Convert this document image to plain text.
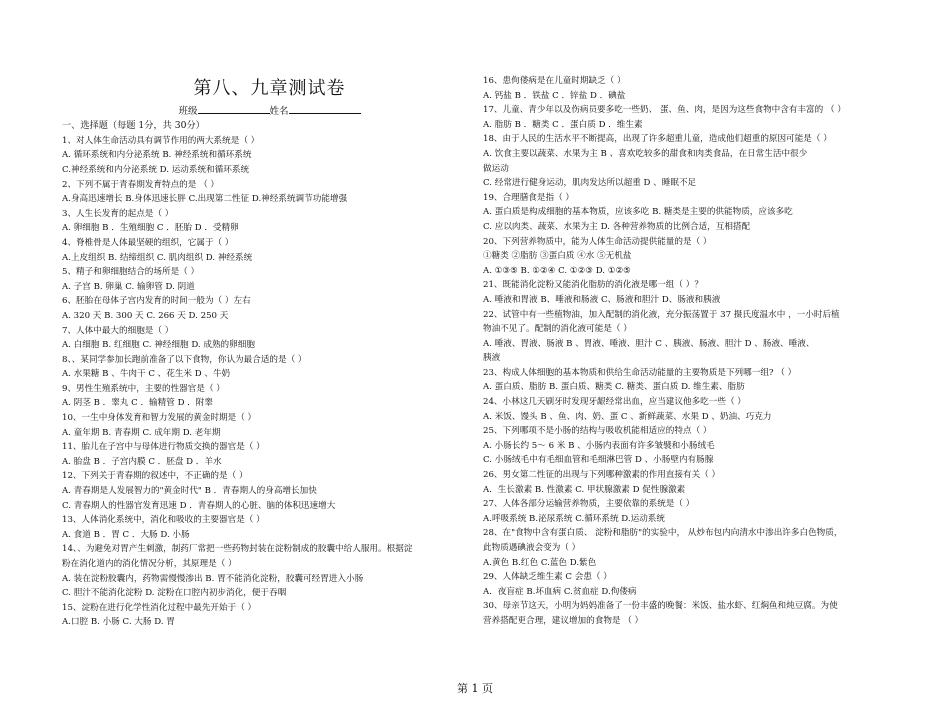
第八、九章测试卷
班级	姓名
一、选择题（每题 1分，共 30分）
1、对人体生命活动具有调节作用的两大系统是（ ）
A. 循环系统和内分泌系统 B. 神经系统和循环系统
C.神经系统和内分泌系统 D. 运动系统和循环系统
2、下列不属于青春期发育特点的是 （ ）
A.身高迅速增长 B.身体迅速长胖 C.出现第二性征 D.神经系统调节功能增强
3、人生长发育的起点是（ ）
A. 卵细胞 B ．生殖细胞 C ．胚胎 D ．受精卵
4、脊椎骨是人体最坚硬的组织，它属于（ ）
A.上皮组织 B. 结缔组织 C. 肌肉组织 D. 神经系统
5、精子和卵细胞结合的场所是（ ）
A. 子宫 B. 卵巢 C. 输卵管 D. 阴道
6、胚胎在母体子宫内发育的时间一般为（ ）左右
A. 320 天 B. 300 天 C. 266 天 D. 250 天
7、人体中最大的细胞是（ ）
A. 白细胞 B. 红细胞 C. 神经细胞 D. 成熟的卵细胞
8、、某同学参加长跑前准备了以下食物，你认为最合适的是（ ）
A. 水果糖 B 、牛肉干 C 、花生米 D 、牛奶
9、男性生殖系统中，主要的性器官是（ ）
A. 阴茎 B ．睾丸 C ．输精管 D ．附睾
10、一生中身体发育和智力发展的黄金时期是（ ）
A. 童年期 B. 青春期 C. 成年期 D. 老年期
11、胎儿在子宫中与母体进行物质交换的器官是（ ）
A. 胎盘 B ．子宫内膜 C ．胚盘 D ．羊水
12、下列关于青春期的叙述中，不正确的是（ ）
A. 青春期是人发展智力的"黄金时代" B ．青春期人的身高增长加快
C. 青春期人的性器官发育迅速 D ．青春期人的心脏、脑的体积迅速增大
13、人体消化系统中，消化和吸收的主要器官是（ ）
A. 食道 B ．胃 C ．大肠 D. 小肠
14、、为避免对胃产生刺激，制药厂常把一些药物封装在淀粉制成的胶囊中给人服用。根据淀
粉在消化道内的消化情况分析，其原理是（ ）
A. 装在淀粉胶囊内，药物需慢慢渗出 B. 胃不能消化淀粉，胶囊可经胃进入小肠
C. 胆汁不能消化淀粉 D. 淀粉在口腔内初步消化，便于吞咽
15、淀粉在进行化学性消化过程中最先开始于（ ）
A.口腔 B. 小肠 C. 大肠 D. 胃
16、患佝偻病是在儿童时期缺乏（ ）
A. 钙盐 B ．铁盐 C ．锌盐 D ．碘盐
17、儿童、青少年以及伤病员要多吃一些奶、 蛋、鱼、肉，是因为这些食物中含有丰富的 （ ）
A. 脂肪 B ．糖类 C ．蛋白质 D ．维生素
18、由于人民的生活水平不断提高，出现了许多超重儿童，造成他们超重的原因可能是（ ）
A. 饮食主要以蔬菜、水果为主 B 、喜欢吃较多的甜食和肉类食品，在日常生活中很少
做运动
C. 经常进行健身运动，肌肉发达所以超重 D 、睡眠不足
19、合理膳食是指（ ）
A. 蛋白质是构成细胞的基本物质，应该多吃 B. 糖类是主要的供能物质，应该多吃
C. 应以肉类、蔬菜、水果为主 D. 各种营养物质的比例合适，互相搭配
20、下列营养物质中，能为人体生命活动提供能量的是（ ）
①糖类 ②脂肪 ③蛋白质 ④水 ⑤无机盐
A. ①③⑤ B. ①②④ C. ①②③ D. ①②⑤
21、既能消化淀粉又能消化脂肪的消化液是哪一组（ ）？
A. 唾液和胃液 B、唾液和肠液 C、肠液和胆汁 D、肠液和胰液
22、试管中有一些植物油，加入配制的消化液，充分振荡置于 37 摄氏度温水中 ，一小时后植
物油不见了。配制的消化液可能是（ ）
A. 唾液、胃液、肠液 B 、胃液、唾液、胆汁 C 、胰液、肠液、胆汁 D 、肠液、唾液、
胰液
23、构成人体细胞的基本物质和供给生命活动能量的主要物质是下列哪一组? （ ）
A. 蛋白质、脂肪 B. 蛋白质、糖类 C. 糖类、蛋白质 D. 维生素、脂肪
24、小林这几天刷牙时发现牙龈经常出血，应当建议他多吃一些（ ）
A. 米饭、馒头 B 、鱼、肉、奶、蛋 C 、新鲜蔬菜、水果 D 、奶油、巧克力
25、下列哪项不是小肠的结构与吸收机能相适应的特点（ ）
A. 小肠长约 5～ 6 米 B 、小肠内表面有许多皱襞和小肠绒毛
C. 小肠绒毛中有毛细血管和毛细淋巴管 D 、小肠壁内有肠腺
26、男女第二性征的出现与下列哪种激素的作用直接有关（ ）
A．生长激素 B. 性激素 C. 甲状腺激素 D 促性腺激素
27、人体各部分运输营养物质，主要依靠的系统是（ ）
A.呼吸系统 B.泌尿系统 C.循环系统 D.运动系统
28、在"食物中含有蛋白质、 淀粉和脂肪"的实验中， 从炒布包内向清水中渗出许多白色物质，
此物质遇碘液会变为（ ）
A.黄色 B.红色 C.蓝色 D.紫色
29、人体缺乏维生素 C 会患（ ）
A．夜盲症 B.坏血病 C.贫血症 D.佝偻病
30、母亲节这天，小明为妈妈准备了一份丰盛的晚餐：米饭、盐水虾、红焖鱼和炖豆腐。为使
营养搭配更合理，建议增加的食物是 （ ）
第 1 页
